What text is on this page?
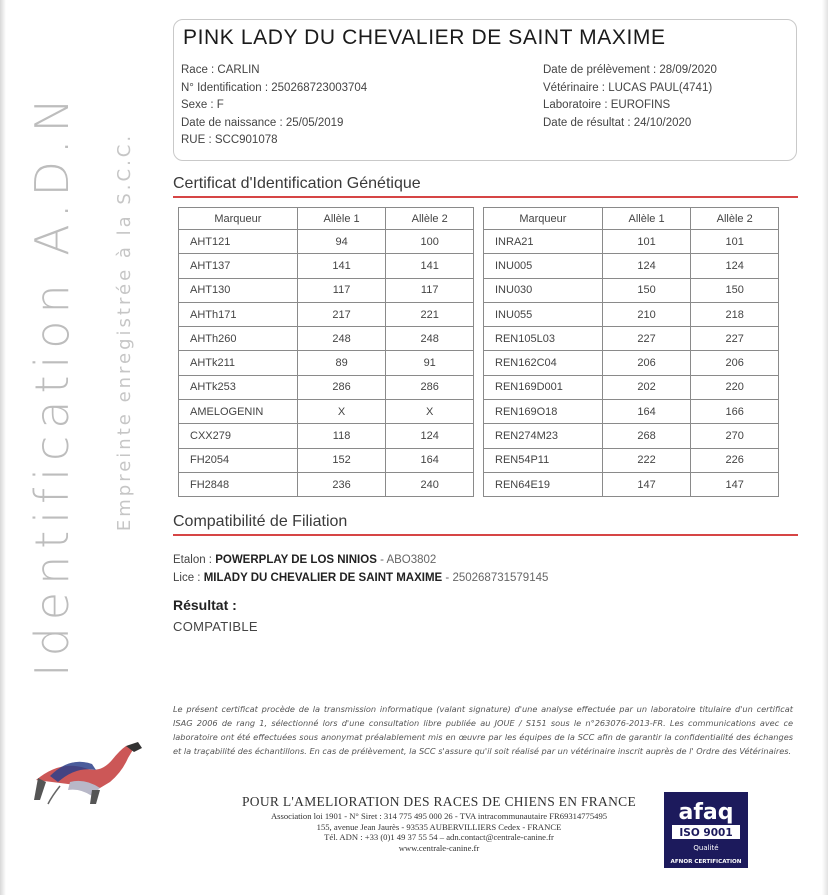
Identification A.D.N Empreinte enregistrée à la S.C.C.
PINK LADY DU CHEVALIER DE SAINT MAXIME
Race : CARLIN
N° Identification : 250268723003704
Sexe : F
Date de naissance : 25/05/2019
RUE : SCC901078
Date de prélèvement : 28/09/2020
Vétérinaire : LUCAS PAUL(4741)
Laboratoire : EUROFINS
Date de résultat : 24/10/2020
Certificat d'Identification Génétique
Marqueur	Allèle 1	Allèle 2
AHT121	94	100
AHT137	141	141
AHT130	117	117
AHTh171	217	221
AHTh260	248	248
AHTk211	89	91
AHTk253	286	286
AMELOGENIN	X	X
CXX279	118	124
FH2054	152	164
FH2848	236	240
Marqueur	Allèle 1	Allèle 2
INRA21	101	101
INU005	124	124
INU030	150	150
INU055	210	218
REN105L03	227	227
REN162C04	206	206
REN169D001	202	220
REN169O18	164	166
REN274M23	268	270
REN54P11	222	226
REN64E19	147	147
Compatibilité de Filiation
Etalon : POWERPLAY DE LOS NINIOS - ABO3802
Lice : MILADY DU CHEVALIER DE SAINT MAXIME - 250268731579145
Résultat :
COMPATIBLE
Le présent certificat procède de la transmission informatique (valant signature) d'une analyse effectuée par un laboratoire titulaire d'un certificat ISAG 2006 de rang 1, sélectionné lors d'une consultation libre publiée au JOUE / S151 sous le n°263076-2013-FR. Les communications avec ce laboratoire ont été effectuées sous anonymat préalablement mis en œuvre par les équipes de la SCC afin de garantir la confidentialité des échanges et la traçabilité des échantillons. En cas de prélèvement, la SCC s'assure qu'il soit réalisé par un vétérinaire inscrit auprès de l' Ordre des Vétérinaires.
POUR L'AMELIORATION DES RACES DE CHIENS EN FRANCE
Association loi 1901 - N° Siret : 314 775 495 000 26 - TVA intracommunautaire FR69314775495
155, avenue Jean Jaurès - 93535 AUBERVILLIERS Cedex - FRANCE
Tél. ADN : +33 (0)1 49 37 55 54 – adn.contact@centrale-canine.fr
www.centrale-canine.fr
afaq
ISO 9001
Qualité
AFNOR CERTIFICATION
